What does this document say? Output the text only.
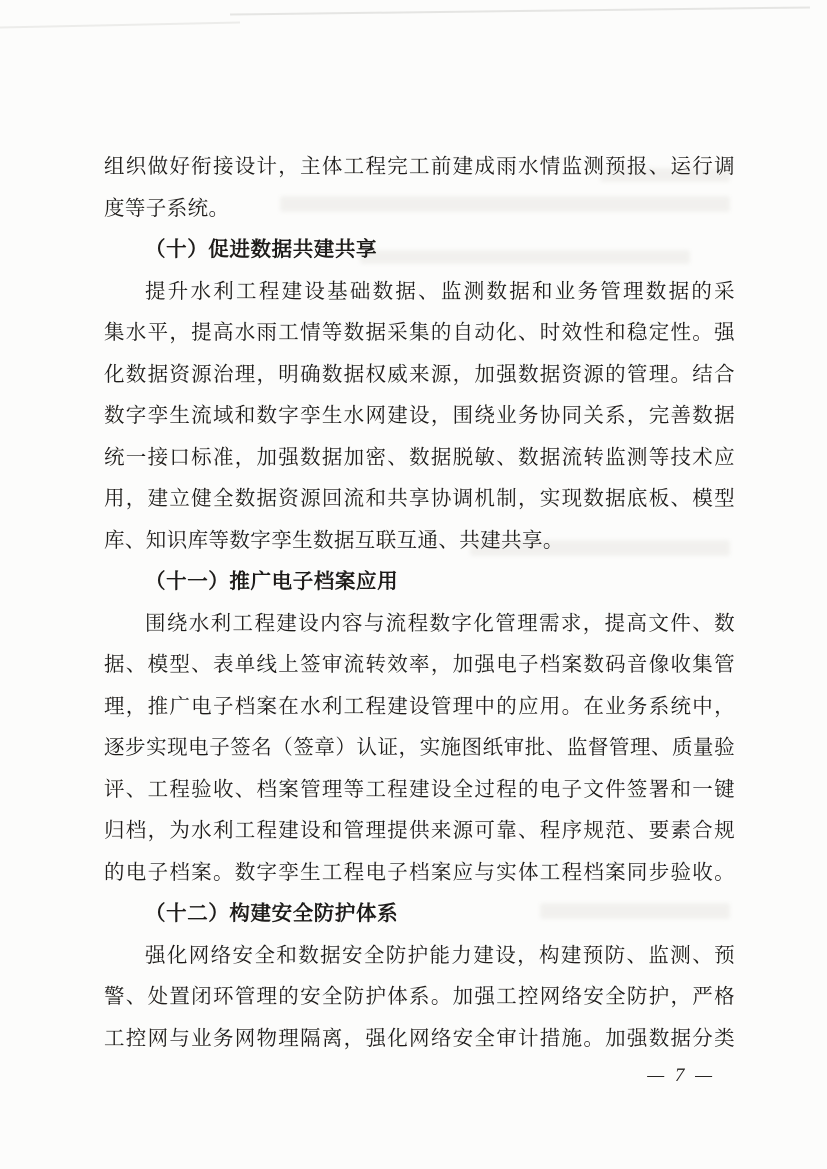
组织做好衔接设计，主体工程完工前建成雨水情监测预报、运行调
度等子系统。
（十）促进数据共建共享
提升水利工程建设基础数据、监测数据和业务管理数据的采
集水平，提高水雨工情等数据采集的自动化、时效性和稳定性。强
化数据资源治理，明确数据权威来源，加强数据资源的管理。结合
数字孪生流域和数字孪生水网建设，围绕业务协同关系，完善数据
统一接口标准，加强数据加密、数据脱敏、数据流转监测等技术应
用，建立健全数据资源回流和共享协调机制，实现数据底板、模型
库、知识库等数字孪生数据互联互通、共建共享。
（十一）推广电子档案应用
围绕水利工程建设内容与流程数字化管理需求，提高文件、数
据、模型、表单线上签审流转效率，加强电子档案数码音像收集管
理，推广电子档案在水利工程建设管理中的应用。在业务系统中，
逐步实现电子签名（签章）认证，实施图纸审批、监督管理、质量验
评、工程验收、档案管理等工程建设全过程的电子文件签署和一键
归档，为水利工程建设和管理提供来源可靠、程序规范、要素合规
的电子档案。数字孪生工程电子档案应与实体工程档案同步验收。
（十二）构建安全防护体系
强化网络安全和数据安全防护能力建设，构建预防、监测、预
警、处置闭环管理的安全防护体系。加强工控网络安全防护，严格
工控网与业务网物理隔离，强化网络安全审计措施。加强数据分类
— 7 —
